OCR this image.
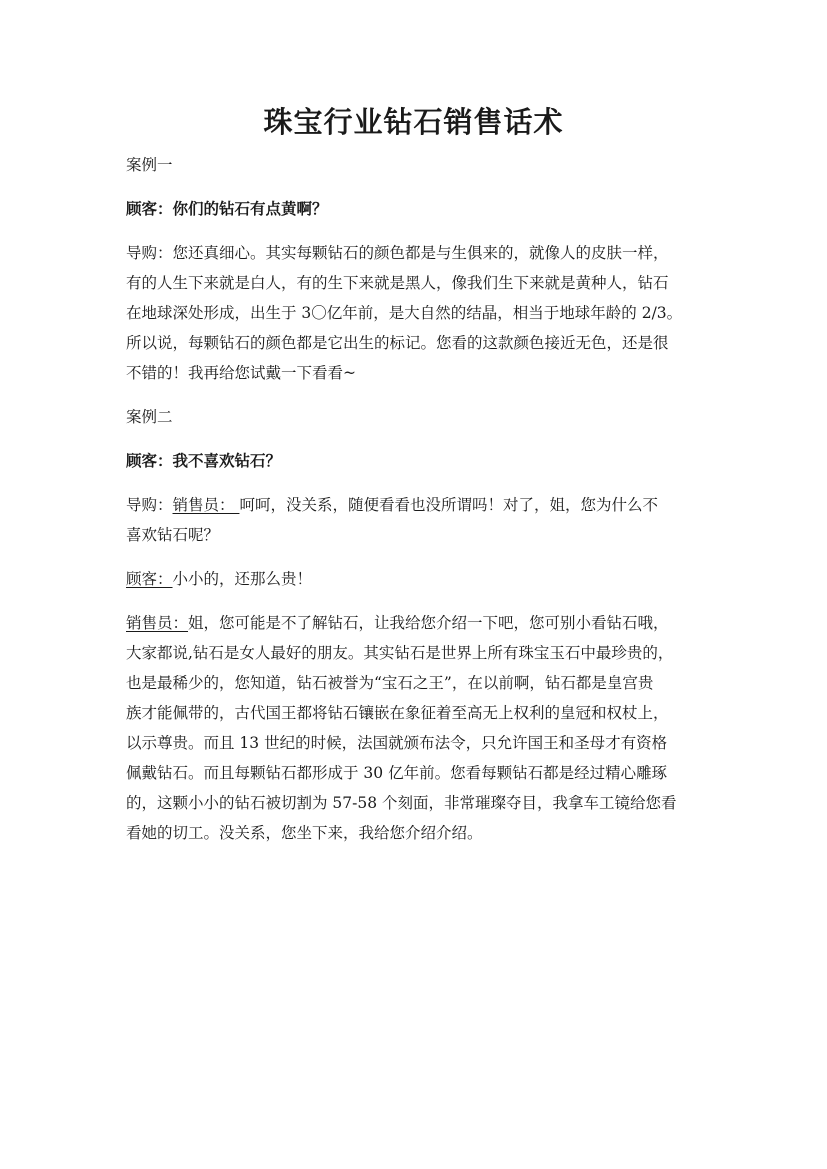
珠宝行业钻石销售话术

案例一

顾客：你们的钻石有点黄啊？

导购：您还真细心。其实每颗钻石的颜色都是与生俱来的，就像人的皮肤一样，
有的人生下来就是白人，有的生下来就是黑人，像我们生下来就是黄种人，钻石
在地球深处形成，出生于 3〇亿年前，是大自然的结晶，相当于地球年龄的 2/3。
所以说，每颗钻石的颜色都是它出生的标记。您看的这款颜色接近无色，还是很
不错的！我再给您试戴一下看看~

案例二

顾客：我不喜欢钻石？

导购：销售员： 呵呵，没关系，随便看看也没所谓吗！对了，姐，您为什么不
喜欢钻石呢？

顾客：小小的，还那么贵！

销售员：姐，您可能是不了解钻石，让我给您介绍一下吧，您可别小看钻石哦，
大家都说,钻石是女人最好的朋友。其实钻石是世界上所有珠宝玉石中最珍贵的，
也是最稀少的，您知道，钻石被誉为“宝石之王”，在以前啊，钻石都是皇宫贵
族才能佩带的，古代国王都将钻石镶嵌在象征着至高无上权利的皇冠和权杖上，
以示尊贵。而且 13 世纪的时候，法国就颁布法令，只允许国王和圣母才有资格
佩戴钻石。而且每颗钻石都形成于 30 亿年前。您看每颗钻石都是经过精心雕琢
的，这颗小小的钻石被切割为 57-58 个刻面，非常璀璨夺目，我拿车工镜给您看
看她的切工。没关系，您坐下来，我给您介绍介绍。
